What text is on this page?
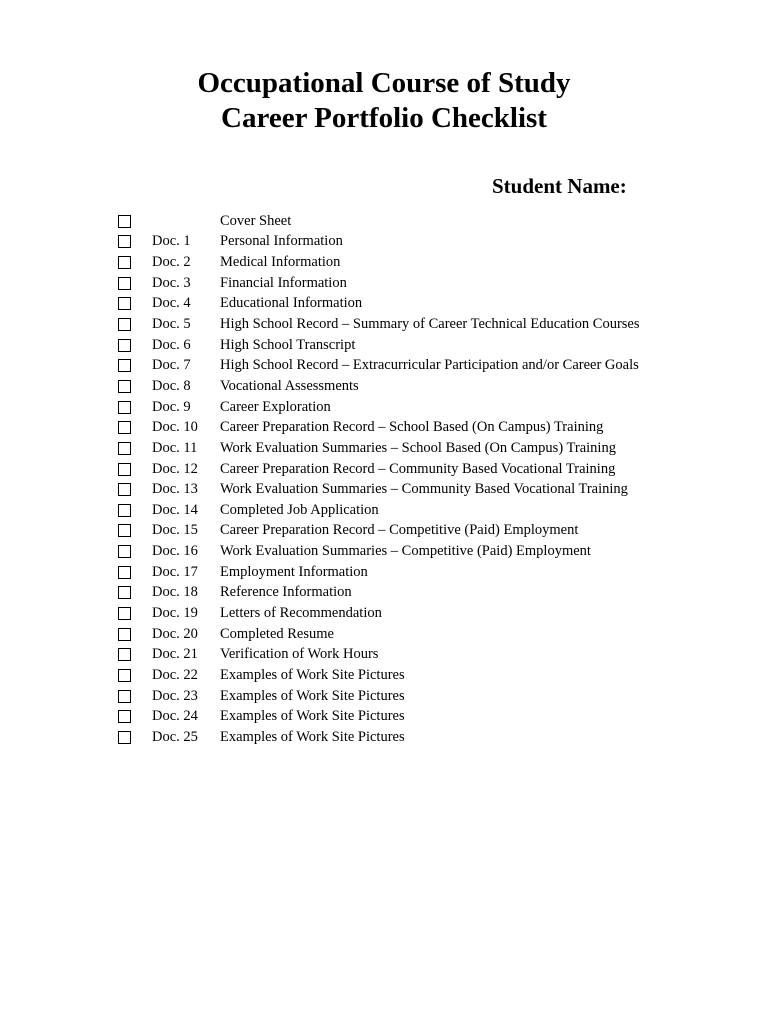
Occupational Course of Study

Career Portfolio Checklist

Student Name:
Cover Sheet
Doc. 1 Personal Information
Doc. 2 Medical Information
Doc. 3 Financial Information
Doc. 4 Educational Information
Doc. 5 High School Record – Summary of Career Technical Education Courses
Doc. 6 High School Transcript
Doc. 7 High School Record – Extracurricular Participation and/or Career Goals
Doc. 8 Vocational Assessments
Doc. 9 Career Exploration
Doc. 10 Career Preparation Record – School Based (On Campus) Training
Doc. 11 Work Evaluation Summaries – School Based (On Campus) Training
Doc. 12 Career Preparation Record – Community Based Vocational Training
Doc. 13 Work Evaluation Summaries – Community Based Vocational Training
Doc. 14 Completed Job Application
Doc. 15 Career Preparation Record – Competitive (Paid) Employment
Doc. 16 Work Evaluation Summaries – Competitive (Paid) Employment
Doc. 17 Employment Information
Doc. 18 Reference Information
Doc. 19 Letters of Recommendation
Doc. 20 Completed Resume
Doc. 21 Verification of Work Hours
Doc. 22 Examples of Work Site Pictures
Doc. 23 Examples of Work Site Pictures
Doc. 24 Examples of Work Site Pictures
Doc. 25 Examples of Work Site Pictures
